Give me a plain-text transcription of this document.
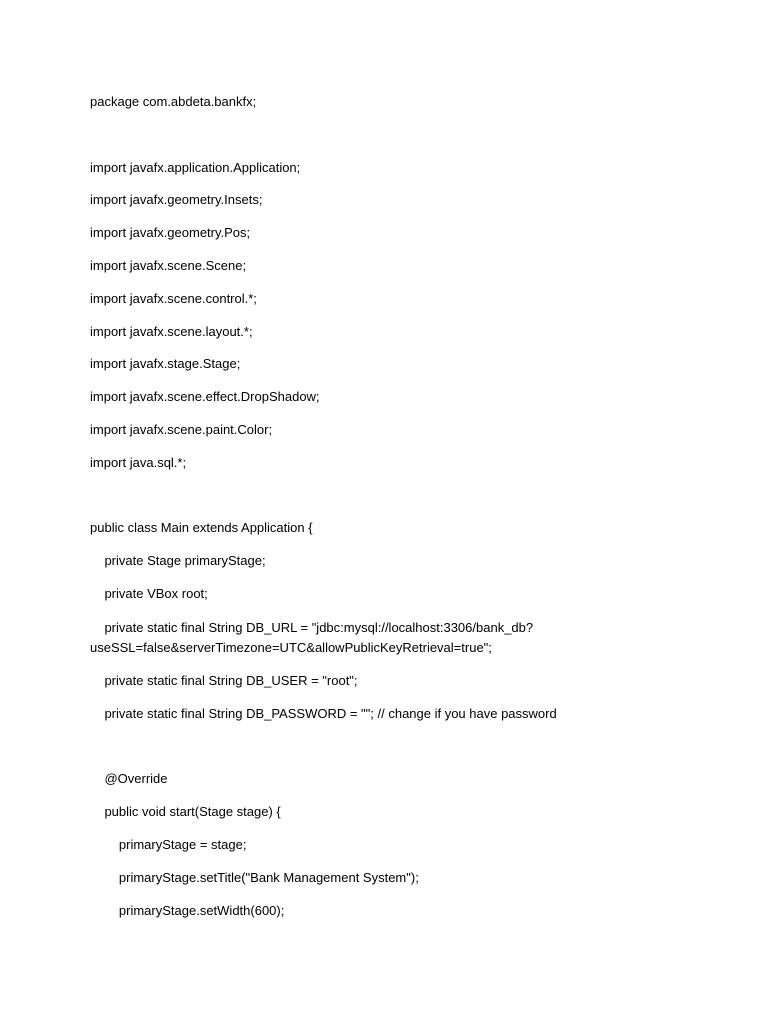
package com.abdeta.bankfx;
import javafx.application.Application;
import javafx.geometry.Insets;
import javafx.geometry.Pos;
import javafx.scene.Scene;
import javafx.scene.control.*;
import javafx.scene.layout.*;
import javafx.stage.Stage;
import javafx.scene.effect.DropShadow;
import javafx.scene.paint.Color;
import java.sql.*;
public class Main extends Application {
private Stage primaryStage;
private VBox root;
private static final String DB_URL = "jdbc:mysql://localhost:3306/bank_db?
useSSL=false&serverTimezone=UTC&allowPublicKeyRetrieval=true";
private static final String DB_USER = "root";
private static final String DB_PASSWORD = ""; // change if you have password
@Override
public void start(Stage stage) {
primaryStage = stage;
primaryStage.setTitle("Bank Management System");
primaryStage.setWidth(600);
